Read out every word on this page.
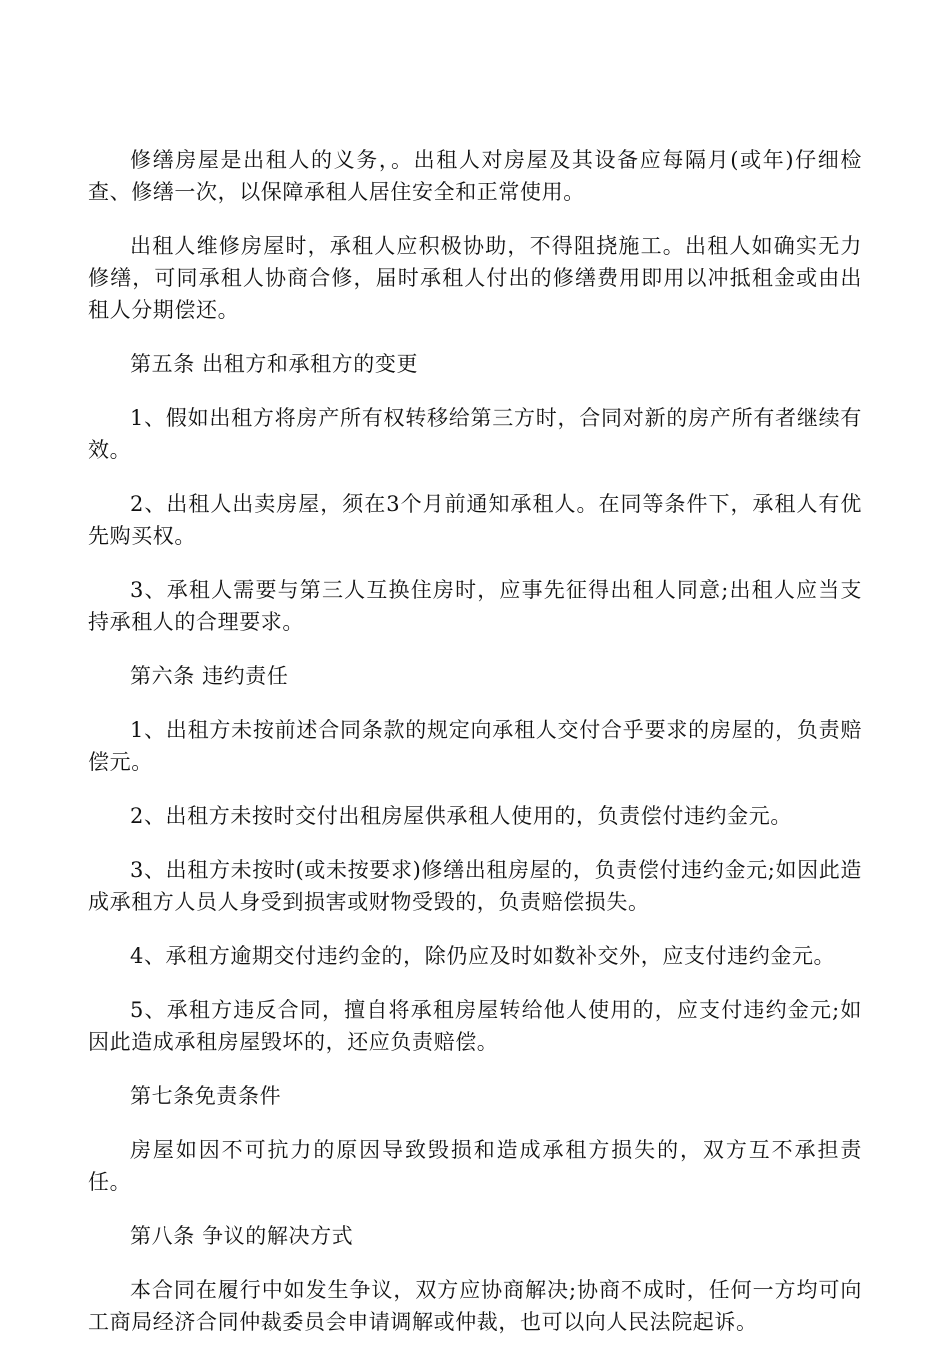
修缮房屋是出租人的义务，。出租人对房屋及其设备应每隔月(或年)仔细检查、修缮一次，以保障承租人居住安全和正常使用。

出租人维修房屋时，承租人应积极协助，不得阻挠施工。出租人如确实无力修缮，可同承租人协商合修，届时承租人付出的修缮费用即用以冲抵租金或由出租人分期偿还。

第五条 出租方和承租方的变更

1、假如出租方将房产所有权转移给第三方时，合同对新的房产所有者继续有效。

2、出租人出卖房屋，须在3个月前通知承租人。在同等条件下，承租人有优先购买权。

3、承租人需要与第三人互换住房时，应事先征得出租人同意;出租人应当支持承租人的合理要求。

第六条 违约责任

1、出租方未按前述合同条款的规定向承租人交付合乎要求的房屋的，负责赔偿元。

2、出租方未按时交付出租房屋供承租人使用的，负责偿付违约金元。

3、出租方未按时(或未按要求)修缮出租房屋的，负责偿付违约金元;如因此造成承租方人员人身受到损害或财物受毁的，负责赔偿损失。

4、承租方逾期交付违约金的，除仍应及时如数补交外，应支付违约金元。

5、承租方违反合同，擅自将承租房屋转给他人使用的，应支付违约金元;如因此造成承租房屋毁坏的，还应负责赔偿。

第七条免责条件

房屋如因不可抗力的原因导致毁损和造成承租方损失的，双方互不承担责任。

第八条 争议的解决方式

本合同在履行中如发生争议，双方应协商解决;协商不成时，任何一方均可向工商局经济合同仲裁委员会申请调解或仲裁，也可以向人民法院起诉。
